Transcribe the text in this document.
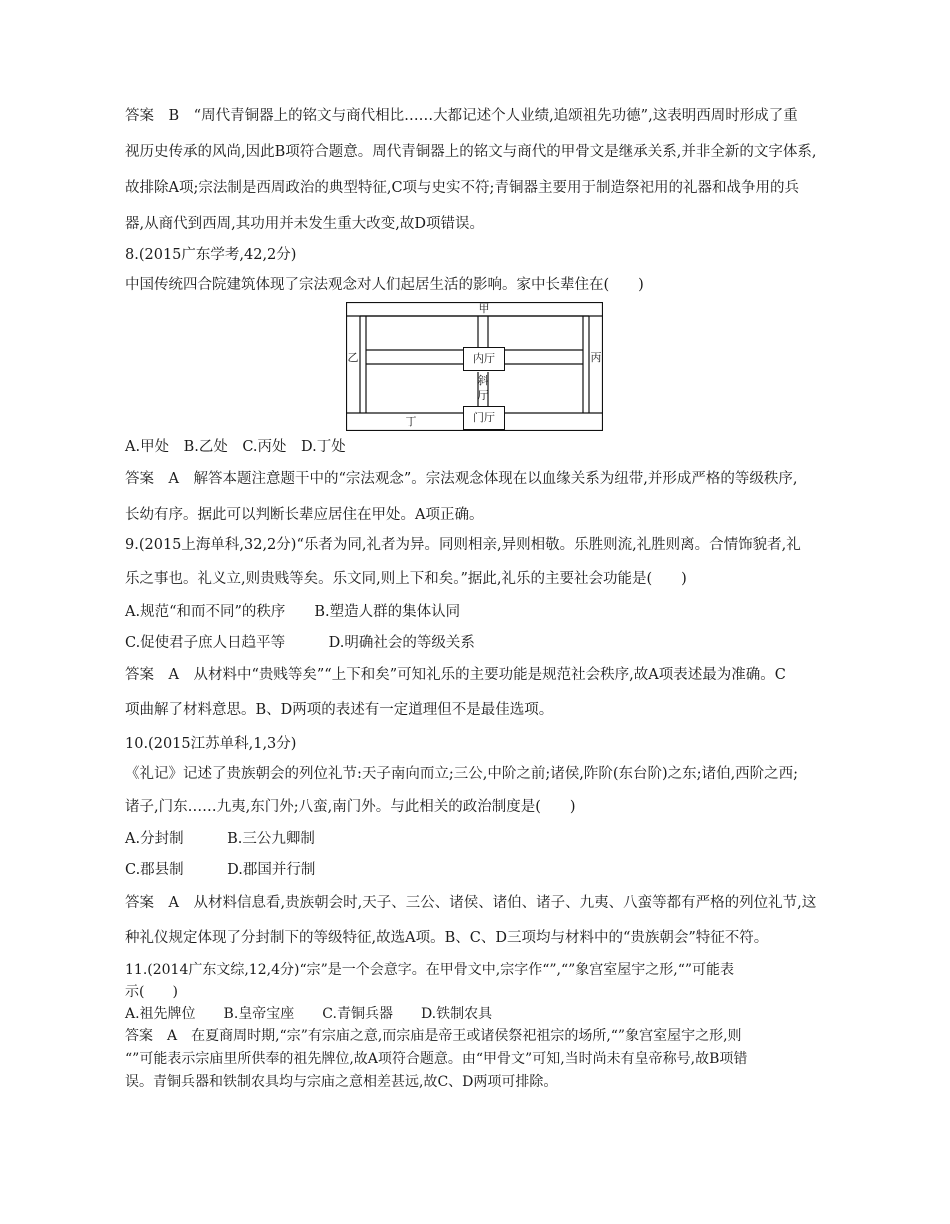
答案　B　“周代青铜器上的铭文与商代相比……大都记述个人业绩,追颂祖先功德”,这表明西周时形成了重
视历史传承的风尚,因此B项符合题意。周代青铜器上的铭文与商代的甲骨文是继承关系,并非全新的文字体系,
故排除A项;宗法制是西周政治的典型特征,C项与史实不符;青铜器主要用于制造祭祀用的礼器和战争用的兵
器,从商代到西周,其功用并未发生重大改变,故D项错误。
8.(2015广东学考,42,2分)
中国传统四合院建筑体现了宗法观念对人们起居生活的影响。家中长辈住在(　　)
甲
乙	丙
丁
内厅
斜
厅
门厅
A.甲处　B.乙处　C.丙处　D.丁处
答案　A　解答本题注意题干中的“宗法观念”。宗法观念体现在以血缘关系为纽带,并形成严格的等级秩序,
长幼有序。据此可以判断长辈应居住在甲处。A项正确。
9.(2015上海单科,32,2分)“乐者为同,礼者为异。同则相亲,异则相敬。乐胜则流,礼胜则离。合情饰貌者,礼
乐之事也。礼义立,则贵贱等矣。乐文同,则上下和矣。”据此,礼乐的主要社会功能是(　　)
A.规范“和而不同”的秩序　　B.塑造人群的集体认同
C.促使君子庶人日趋平等　　　D.明确社会的等级关系
答案　A　从材料中“贵贱等矣”“上下和矣”可知礼乐的主要功能是规范社会秩序,故A项表述最为准确。C
项曲解了材料意思。B、D两项的表述有一定道理但不是最佳选项。
10.(2015江苏单科,1,3分)
《礼记》记述了贵族朝会的列位礼节:天子南向而立;三公,中阶之前;诸侯,阼阶(东台阶)之东;诸伯,西阶之西;
诸子,门东……九夷,东门外;八蛮,南门外。与此相关的政治制度是(　　)
A.分封制　　　B.三公九卿制
C.郡县制　　　D.郡国并行制
答案　A　从材料信息看,贵族朝会时,天子、三公、诸侯、诸伯、诸子、九夷、八蛮等都有严格的列位礼节,这
种礼仪规定体现了分封制下的等级特征,故选A项。B、C、D三项均与材料中的“贵族朝会”特征不符。
11.(2014广东文综,12,4分)“宗”是一个会意字。在甲骨文中,宗字作“”,“”象宫室屋宇之形,“”可能表
示(　　)
A.祖先牌位　　B.皇帝宝座　　C.青铜兵器　　D.铁制农具
答案　A　在夏商周时期,“宗”有宗庙之意,而宗庙是帝王或诸侯祭祀祖宗的场所,“”象宫室屋宇之形,则
“”可能表示宗庙里所供奉的祖先牌位,故A项符合题意。由“甲骨文”可知,当时尚未有皇帝称号,故B项错
误。青铜兵器和铁制农具均与宗庙之意相差甚远,故C、D两项可排除。
